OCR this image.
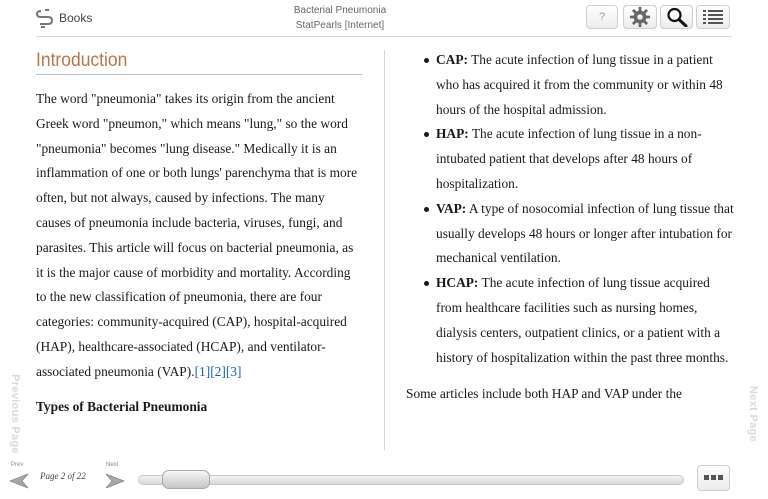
Books
Bacterial Pneumonia
StatPearls [Internet]
?
Previous Page	Next Page
Introduction

The word "pneumonia" takes its origin from the ancient Greek word "pneumon," which means "lung," so the word "pneumonia" becomes "lung disease." Medically it is an inflammation of one or both lungs' parenchyma that is more often, but not always, caused by infections. The many causes of pneumonia include bacteria, viruses, fungi, and parasites. This article will focus on bacterial pneumonia, as it is the major cause of morbidity and mortality. According to the new classification of pneumonia, there are four categories: community-acquired (CAP), hospital-acquired (HAP), healthcare-associated (HCAP), and ventilator-associated pneumonia (VAP).[1][2][3]

Types of Bacterial Pneumonia
CAP: The acute infection of lung tissue in a patient who has acquired it from the community or within 48 hours of the hospital admission.
HAP: The acute infection of lung tissue in a non-intubated patient that develops after 48 hours of hospitalization.
VAP: A type of nosocomial infection of lung tissue that usually develops 48 hours or longer after intubation for mechanical ventilation.
HCAP: The acute infection of lung tissue acquired from healthcare facilities such as nursing homes, dialysis centers, outpatient clinics, or a patient with a history of hospitalization within the past three months.

Some articles include both HAP and VAP under the

Prev
Page 2 of 22
Next
